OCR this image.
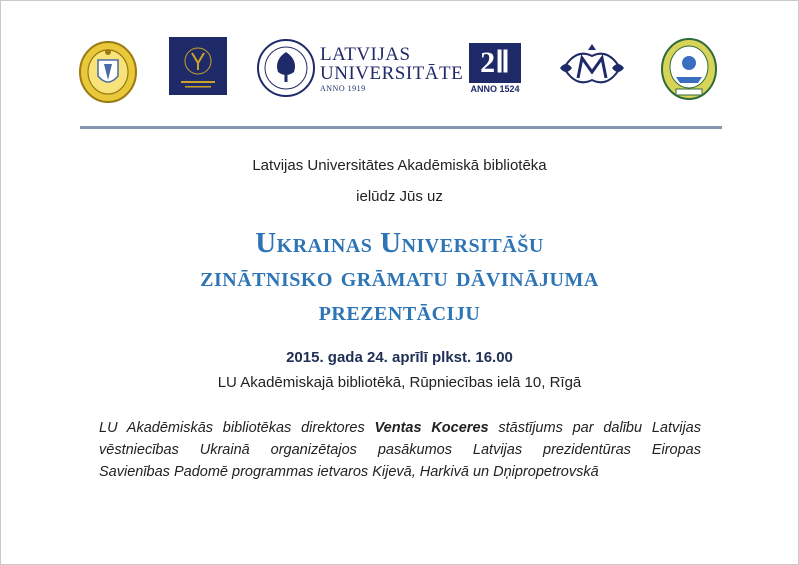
LATVIJAS
UNIVERSITĀTE
ANNO 1919
2Ⅱ
ANNO 1524
Latvijas Universitātes Akadēmiskā bibliotēka
ielūdz Jūs uz
Ukrainas Universitāšu
zinātnisko grāmatu dāvinājuma
prezentāciju
2015. gada 24. aprīlī plkst. 16.00
LU Akadēmiskajā bibliotēkā, Rūpniecības ielā 10, Rīgā
LU Akadēmiskās bibliotēkas direktores Ventas Koceres stāstījums par dalību Latvijas
vēstniecības Ukrainā organizētajos pasākumos Latvijas prezidentūras Eiropas
Savienības Padomē programmas ietvaros Kijevā, Harkivā un Dņipropetrovskā
